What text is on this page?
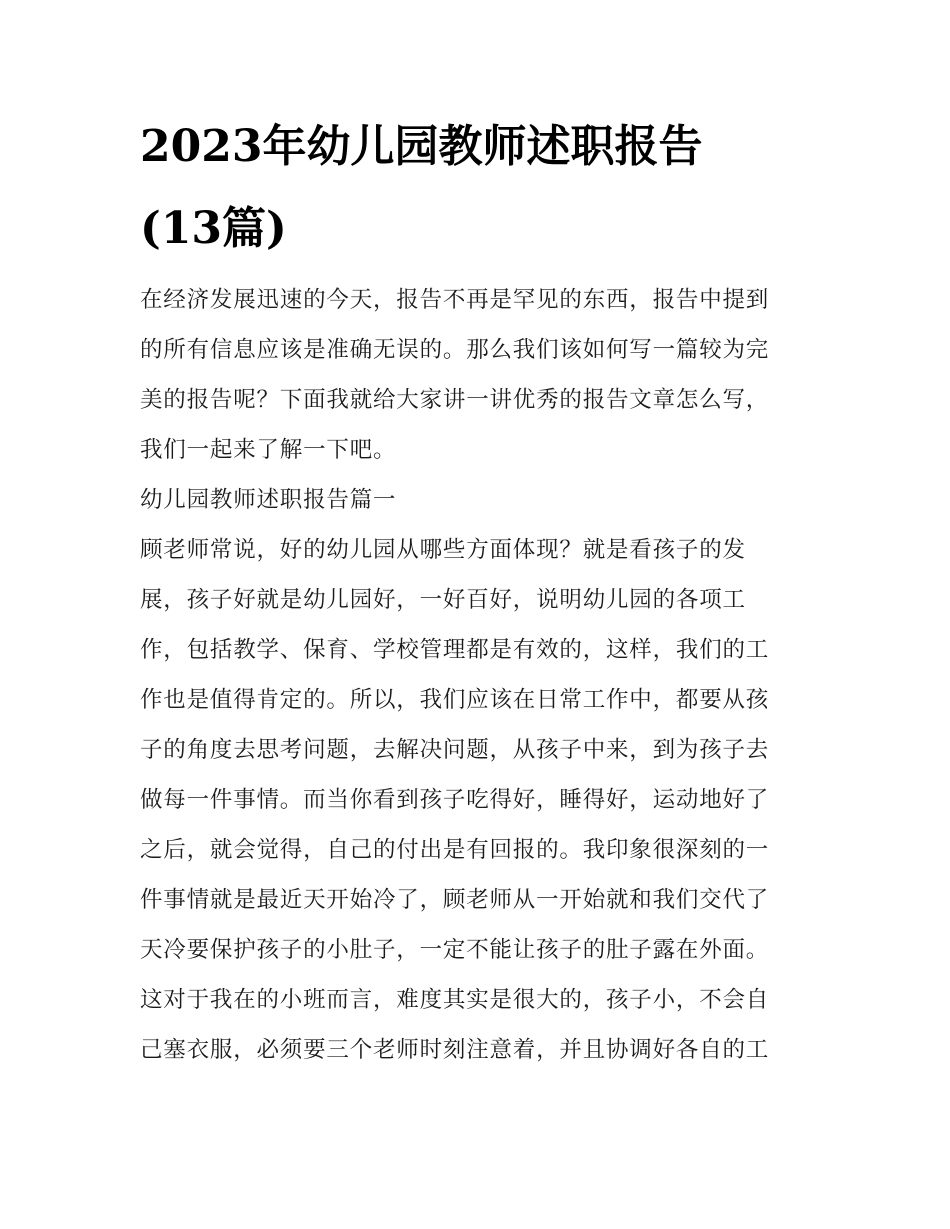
2023年幼儿园教师述职报告
(13篇)

在经济发展迅速的今天，报告不再是罕见的东西，报告中提到

的所有信息应该是准确无误的。那么我们该如何写一篇较为完

美的报告呢？下面我就给大家讲一讲优秀的报告文章怎么写，

我们一起来了解一下吧。

幼儿园教师述职报告篇一

顾老师常说，好的幼儿园从哪些方面体现？就是看孩子的发

展，孩子好就是幼儿园好，一好百好，说明幼儿园的各项工

作，包括教学、保育、学校管理都是有效的，这样，我们的工

作也是值得肯定的。所以，我们应该在日常工作中，都要从孩

子的角度去思考问题，去解决问题，从孩子中来，到为孩子去

做每一件事情。而当你看到孩子吃得好，睡得好，运动地好了

之后，就会觉得，自己的付出是有回报的。我印象很深刻的一

件事情就是最近天开始冷了，顾老师从一开始就和我们交代了

天冷要保护孩子的小肚子，一定不能让孩子的肚子露在外面。

这对于我在的小班而言，难度其实是很大的，孩子小，不会自

己塞衣服，必须要三个老师时刻注意着，并且协调好各自的工
